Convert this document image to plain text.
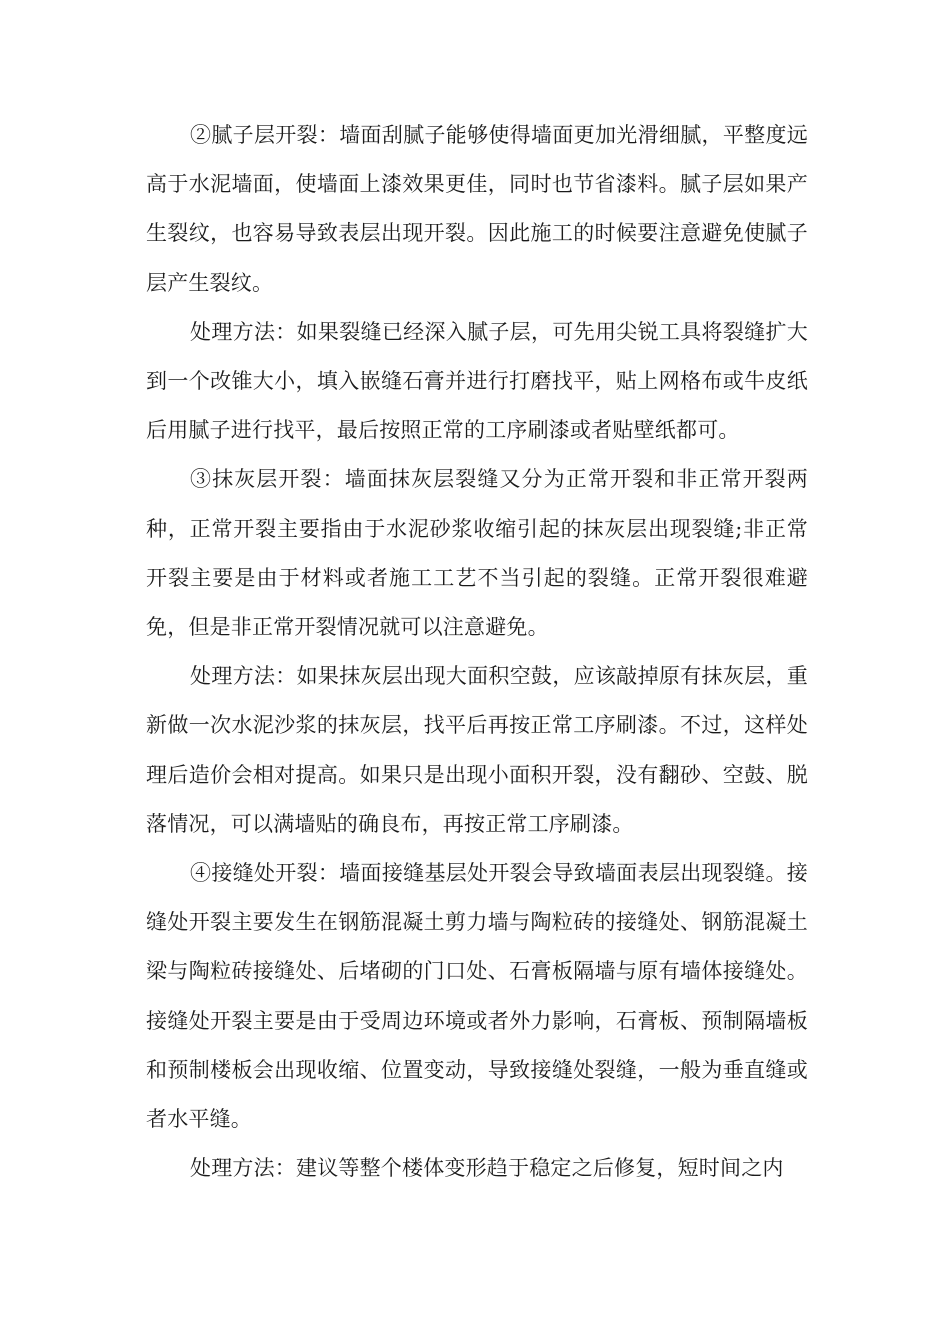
②腻子层开裂：墙面刮腻子能够使得墙面更加光滑细腻，平整度远高于水泥墙面，使墙面上漆效果更佳，同时也节省漆料。腻子层如果产生裂纹，也容易导致表层出现开裂。因此施工的时候要注意避免使腻子层产生裂纹。

处理方法：如果裂缝已经深入腻子层，可先用尖锐工具将裂缝扩大到一个改锥大小，填入嵌缝石膏并进行打磨找平，贴上网格布或牛皮纸后用腻子进行找平，最后按照正常的工序刷漆或者贴壁纸都可。

③抹灰层开裂：墙面抹灰层裂缝又分为正常开裂和非正常开裂两种，正常开裂主要指由于水泥砂浆收缩引起的抹灰层出现裂缝;非正常开裂主要是由于材料或者施工工艺不当引起的裂缝。正常开裂很难避免，但是非正常开裂情况就可以注意避免。

处理方法：如果抹灰层出现大面积空鼓，应该敲掉原有抹灰层，重新做一次水泥沙浆的抹灰层，找平后再按正常工序刷漆。不过，这样处理后造价会相对提高。如果只是出现小面积开裂，没有翻砂、空鼓、脱落情况，可以满墙贴的确良布，再按正常工序刷漆。

④接缝处开裂：墙面接缝基层处开裂会导致墙面表层出现裂缝。接缝处开裂主要发生在钢筋混凝土剪力墙与陶粒砖的接缝处、钢筋混凝土梁与陶粒砖接缝处、后堵砌的门口处、石膏板隔墙与原有墙体接缝处。接缝处开裂主要是由于受周边环境或者外力影响，石膏板、预制隔墙板和预制楼板会出现收缩、位置变动，导致接缝处裂缝，一般为垂直缝或者水平缝。

处理方法：建议等整个楼体变形趋于稳定之后修复，短时间之内
